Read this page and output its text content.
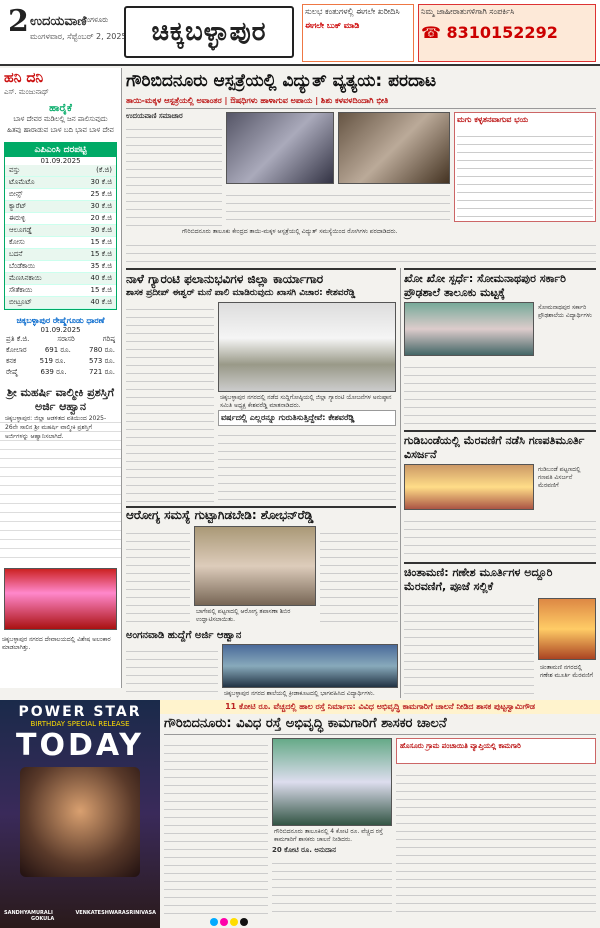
2 ಉದಯವಾಣಿ
ಬೆಂಗಳೂರು
ಮಂಗಳವಾರ, ಸೆಪ್ಟೆಂಬರ್ 2, 2025 ಚಿಕ್ಕಬಳ್ಳಾಪುರ
ಸುಲಭ ಕಂತುಗಳಲ್ಲಿ ಈಗಲೇ ಖರೀದಿಸಿ
ಈಗಲೇ ಬುಕ್ ಮಾಡಿ
ನಿಮ್ಮ ಜಾಹೀರಾತುಗಳಿಗಾಗಿ ಸಂಪರ್ಕಿಸಿ
☎ 8310152292
ಹನಿ ದನಿ
ಎಸ್. ಮಂಜುನಾಥ್
ಹಾರೈಕೆ
ಬಾಳ ದೇವರ ಮಡಿಲಲ್ಲಿ ಜನ ಪಾಲಿಸುವುದು ಹಿತವು ಹಾರಾಡುವ ಬಾಳ ಬದಿ ಭಾವ ಬಾಳ ದೇವ
ಎಪಿಎಂಸಿ ದರಪಟ್ಟಿ
01.09.2025
ವಸ್ತು	(ಕೆ.ಜಿ)
ಟೊಮೆಟೊ	30 ಕೆ.ಜಿ
ಬೀನ್ಸ್	25 ಕೆ.ಜಿ
ಕ್ಯಾರೆಟ್	30 ಕೆ.ಜಿ
ಈರುಳ್ಳಿ	20 ಕೆ.ಜಿ
ಆಲೂಗಡ್ಡೆ	30 ಕೆ.ಜಿ
ಕೋಸು	15 ಕೆ.ಜಿ
ಬದನೆ	15 ಕೆ.ಜಿ
ಬೆಂಡೆಕಾಯಿ	35 ಕೆ.ಜಿ
ಮೆಣಸಿನಕಾಯಿ	40 ಕೆ.ಜಿ
ಸೌತೆಕಾಯಿ	15 ಕೆ.ಜಿ
ಬೀಟ್ರೂಟ್	40 ಕೆ.ಜಿ
ಚಿಕ್ಕಬಳ್ಳಾಪುರ ರೇಷ್ಮೆಗೂಡು ಧಾರಣೆ
01.09.2025
ಪ್ರತಿ ಕೆ.ಜಿ.	ಸರಾಸರಿ	ಗರಿಷ್ಠ
ಕೋಲಾರ	691 ರೂ.	780 ರೂ.
ಕನಕ	519 ರೂ.	573 ರೂ.
ರೇಷ್ಮೆ	639 ರೂ.	721 ರೂ.
ಶ್ರೀ ಮಹರ್ಷಿ ವಾಲ್ಮೀಕಿ ಪ್ರಶಸ್ತಿಗೆ ಅರ್ಜಿ ಆಹ್ವಾನ
ಚಿಕ್ಕಬಳ್ಳಾಪುರ: ಜಿಲ್ಲಾ ಆಡಳಿತದ ವತಿಯಿಂದ 2025-26ನೇ ಸಾಲಿನ ಶ್ರೀ ಮಹರ್ಷಿ ವಾಲ್ಮೀಕಿ ಪ್ರಶಸ್ತಿಗೆ ಅರ್ಜಿಗಳನ್ನು ಆಹ್ವಾನಿಸಲಾಗಿದೆ.
ಚಿಕ್ಕಬಳ್ಳಾಪುರ ನಗರದ ದೇವಾಲಯದಲ್ಲಿ ವಿಶೇಷ ಅಲಂಕಾರ ಮಾಡಲಾಗಿತ್ತು.
POWER STAR
BIRTHDAY SPECIAL RELEASE
TODAY
SANDHYA MURALI GOKULA
VENKATESHWARA SRINIVASA
ಗೌರಿಬಿದನೂರು ಆಸ್ಪತ್ರೆಯಲ್ಲಿ ವಿದ್ಯುತ್ ವ್ಯತ್ಯಯ: ಪರದಾಟ
ತಾಯಿ-ಮಕ್ಕಳ ಆಸ್ಪತ್ರೆಯಲ್ಲಿ ಅವಾಂತರ | ಔಷಧಿಗಳು ಹಾಳಾಗುವ ಅಪಾಯ | ಶಿಶು ಕಳವಳದಿಂದಾಗಿ ಭೀತಿ
ಉದಯವಾಣಿ ಸಮಾಚಾರ	ಮಗು ಕಳ್ಳತನವಾಗುವ ಭಯ
ಗೌರಿಬಿದನೂರು ತಾಲೂಕು ಕೇಂದ್ರದ ತಾಯಿ-ಮಕ್ಕಳ ಆಸ್ಪತ್ರೆಯಲ್ಲಿ ವಿದ್ಯುತ್ ಸಮಸ್ಯೆಯಿಂದ ರೋಗಿಗಳು ಪರದಾಡಿದರು.
ನಾಳೆ ಗ್ಯಾರಂಟಿ ಫಲಾನುಭವಿಗಳ ಜಿಲ್ಲಾ ಕಾರ್ಯಾಗಾರ
ಶಾಸಕ ಪ್ರದೀಪ್ ಈಶ್ವರ್ ಮನೆ ಪಾಲಿ ಮಾಡಿರುವುದು ಖಾಸಗಿ ವಿಚಾರ: ಕೇಶವರೆಡ್ಡಿ
ಚಿಕ್ಕಬಳ್ಳಾಪುರ ನಗರದಲ್ಲಿ ನಡೆದ ಸುದ್ದಿಗೋಷ್ಠಿಯಲ್ಲಿ ಜಿಲ್ಲಾ ಗ್ಯಾರಂಟಿ ಯೋಜನೆಗಳ ಅನುಷ್ಠಾನ ಸಮಿತಿ ಅಧ್ಯಕ್ಷ ಕೇಶವರೆಡ್ಡಿ ಮಾತನಾಡಿದರು.
ವರ್ಷದಲ್ಲಿ ಎಲ್ಲರನ್ನೂ ಗುರುತಿಸುತ್ತಿದ್ದೇವೆ: ಕೇಶವರೆಡ್ಡಿ
ಆರೋಗ್ಯ ಸಮಸ್ಯೆ ಗುಟ್ಟಾಗಿಡಬೇಡಿ: ಶೋಭನ್‌ರೆಡ್ಡಿ
ಬಾಗೇಪಲ್ಲಿ ಪಟ್ಟಣದಲ್ಲಿ ಆರೋಗ್ಯ ತಪಾಸಣಾ ಶಿಬಿರ ಉದ್ಘಾಟಿಸಲಾಯಿತು.
ಅಂಗನವಾಡಿ ಹುದ್ದೆಗೆ ಅರ್ಜಿ ಆಹ್ವಾನ
ಚಿಕ್ಕಬಳ್ಳಾಪುರ ನಗರದ ಶಾಲೆಯಲ್ಲಿ ಕ್ರೀಡಾಕೂಟದಲ್ಲಿ ಭಾಗವಹಿಸಿದ ವಿದ್ಯಾರ್ಥಿಗಳು.
ಖೋ ಖೋ ಸ್ಪರ್ಧೆ: ಸೋಮನಾಥಪುರ ಸರ್ಕಾರಿ ಪ್ರೌಢಶಾಲೆ ತಾಲೂಕು ಮಟ್ಟಕ್ಕೆ
ಸೋಮನಾಥಪುರ ಸರ್ಕಾರಿ ಪ್ರೌಢಶಾಲೆಯ ವಿದ್ಯಾರ್ಥಿಗಳು
ಗುಡಿಬಂಡೆಯಲ್ಲಿ ಮೆರವಣಿಗೆ ನಡೆಸಿ ಗಣಪತಿಮೂರ್ತಿ ವಿಸರ್ಜನೆ
ಗುಡಿಬಂಡೆ ಪಟ್ಟಣದಲ್ಲಿ ಗಣಪತಿ ವಿಸರ್ಜನೆ ಮೆರವಣಿಗೆ
ಚಿಂತಾಮಣಿ: ಗಣೇಶ ಮೂರ್ತಿಗಳ ಅದ್ದೂರಿ ಮೆರವಣಿಗೆ, ಪೂಜೆ ಸಲ್ಲಿಕೆ
ಚಿಂತಾಮಣಿ ನಗರದಲ್ಲಿ ಗಣೇಶ ಮೂರ್ತಿ ಮೆರವಣಿಗೆ
11 ಕೋಟಿ ರೂ. ವೆಚ್ಚದಲ್ಲಿ ಹಾಲ ರಸ್ತೆ ನಿರ್ಮಾಣ: ವಿವಿಧ ಅಭಿವೃದ್ಧಿ ಕಾಮಗಾರಿಗೆ ಚಾಲನೆ ನೀಡಿದ ಶಾಸಕ ಪುಟ್ಟಸ್ವಾಮಿಗೌಡ
ಗೌರಿಬಿದನೂರು: ವಿವಿಧ ರಸ್ತೆ ಅಭಿವೃದ್ಧಿ ಕಾಮಗಾರಿಗೆ ಶಾಸಕರ ಚಾಲನೆ
ಗೌರಿಬಿದನೂರು ತಾಲೂಕಿನಲ್ಲಿ 4 ಕೋಟಿ ರೂ. ವೆಚ್ಚದ ರಸ್ತೆ ಕಾಮಗಾರಿಗೆ ಶಾಸಕರು ಚಾಲನೆ ನೀಡಿದರು.
20 ಕೋಟಿ ರೂ. ಅನುದಾನ
ಹೊಸೂರು ಗ್ರಾಮ ಪಂಚಾಯಿತಿ ವ್ಯಾಪ್ತಿಯಲ್ಲಿ ಕಾಮಗಾರಿ
